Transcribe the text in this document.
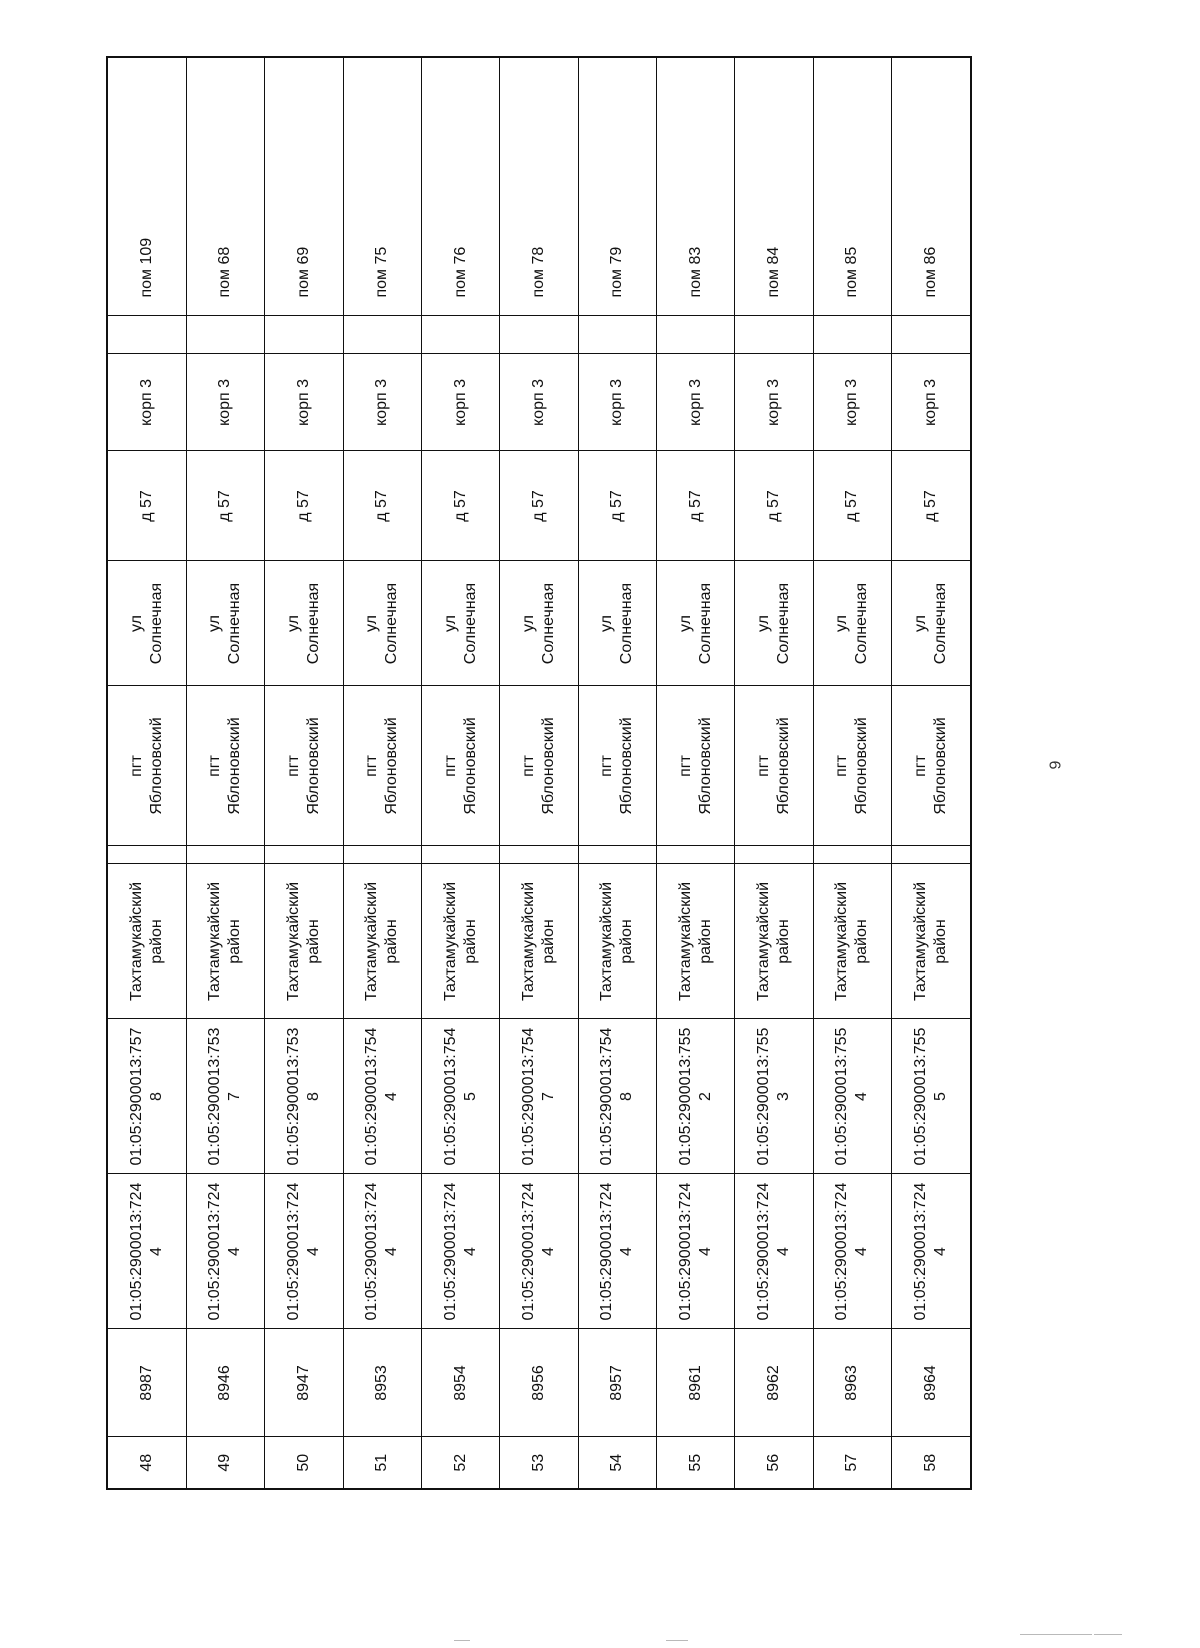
48	8987	01:05:2900013:724 4	01:05:2900013:757 8	Тахтамукайский район		пгт Яблоновский	ул Солнечная	д 57	корп 3		пом 109
49	8946	01:05:2900013:724 4	01:05:2900013:753 7	Тахтамукайский район		пгт Яблоновский	ул Солнечная	д 57	корп 3		пом 68
50	8947	01:05:2900013:724 4	01:05:2900013:753 8	Тахтамукайский район		пгт Яблоновский	ул Солнечная	д 57	корп 3		пом 69
51	8953	01:05:2900013:724 4	01:05:2900013:754 4	Тахтамукайский район		пгт Яблоновский	ул Солнечная	д 57	корп 3		пом 75
52	8954	01:05:2900013:724 4	01:05:2900013:754 5	Тахтамукайский район		пгт Яблоновский	ул Солнечная	д 57	корп 3		пом 76
53	8956	01:05:2900013:724 4	01:05:2900013:754 7	Тахтамукайский район		пгт Яблоновский	ул Солнечная	д 57	корп 3		пом 78
54	8957	01:05:2900013:724 4	01:05:2900013:754 8	Тахтамукайский район		пгт Яблоновский	ул Солнечная	д 57	корп 3		пом 79
55	8961	01:05:2900013:724 4	01:05:2900013:755 2	Тахтамукайский район		пгт Яблоновский	ул Солнечная	д 57	корп 3		пом 83
56	8962	01:05:2900013:724 4	01:05:2900013:755 3	Тахтамукайский район		пгт Яблоновский	ул Солнечная	д 57	корп 3		пом 84
57	8963	01:05:2900013:724 4	01:05:2900013:755 4	Тахтамукайский район		пгт Яблоновский	ул Солнечная	д 57	корп 3		пом 85
58	8964	01:05:2900013:724 4	01:05:2900013:755 5	Тахтамукайский район		пгт Яблоновский	ул Солнечная	д 57	корп 3		пом 86
9
